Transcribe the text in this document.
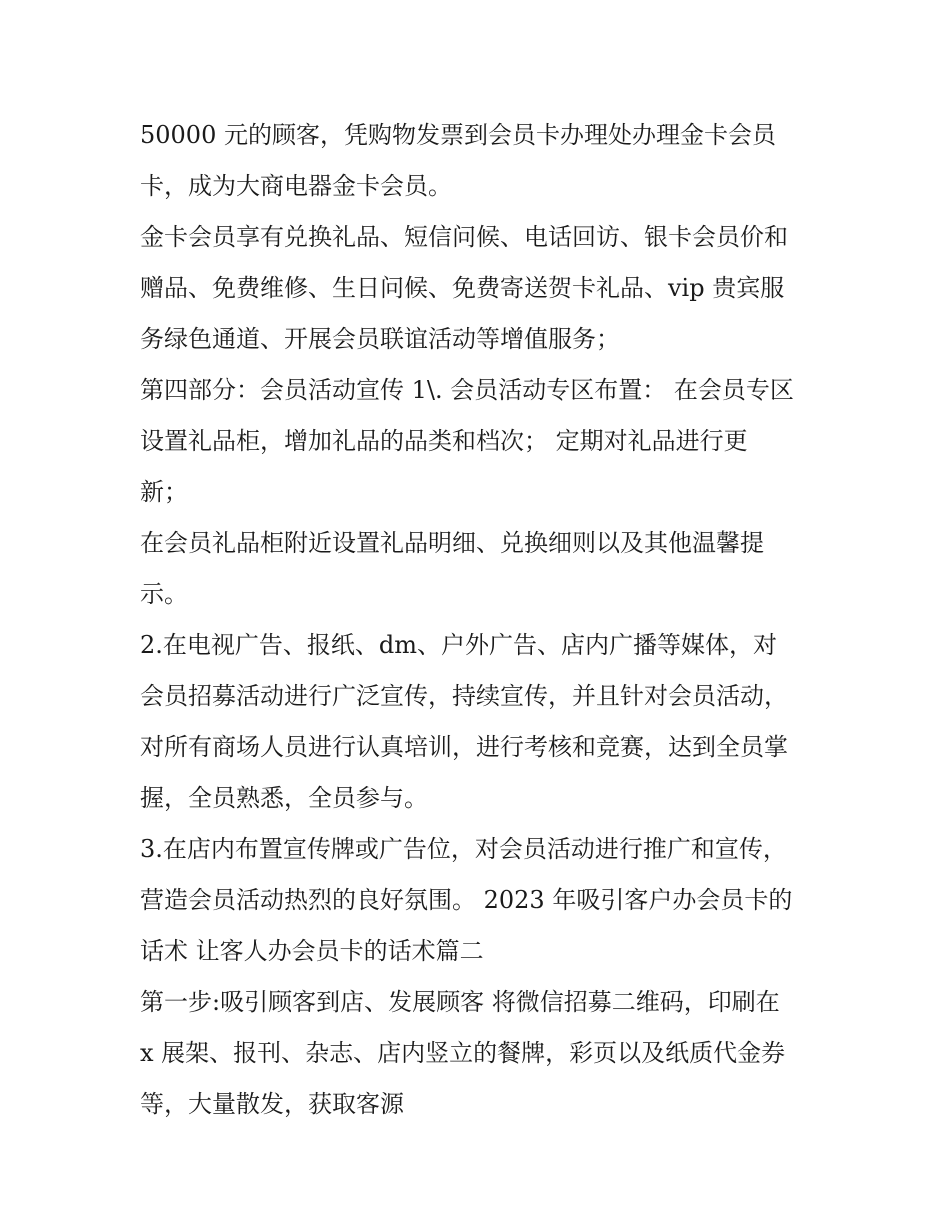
50000 元的顾客，凭购物发票到会员卡办理处办理金卡会员
卡，成为大商电器金卡会员。
金卡会员享有兑换礼品、短信问候、电话回访、银卡会员价和
赠品、免费维修、生日问候、免费寄送贺卡礼品、vip 贵宾服
务绿色通道、开展会员联谊活动等增值服务；
第四部分：会员活动宣传 1\. 会员活动专区布置： 在会员专区
设置礼品柜，增加礼品的品类和档次； 定期对礼品进行更
新；
在会员礼品柜附近设置礼品明细、兑换细则以及其他温馨提
示。
2.在电视广告、报纸、dm、户外广告、店内广播等媒体，对
会员招募活动进行广泛宣传，持续宣传，并且针对会员活动，
对所有商场人员进行认真培训，进行考核和竞赛，达到全员掌
握，全员熟悉，全员参与。
3.在店内布置宣传牌或广告位，对会员活动进行推广和宣传，
营造会员活动热烈的良好氛围。 2023 年吸引客户办会员卡的
话术 让客人办会员卡的话术篇二
第一步:吸引顾客到店、发展顾客 将微信招募二维码，印刷在
x 展架、报刊、杂志、店内竖立的餐牌，彩页以及纸质代金券
等，大量散发，获取客源
